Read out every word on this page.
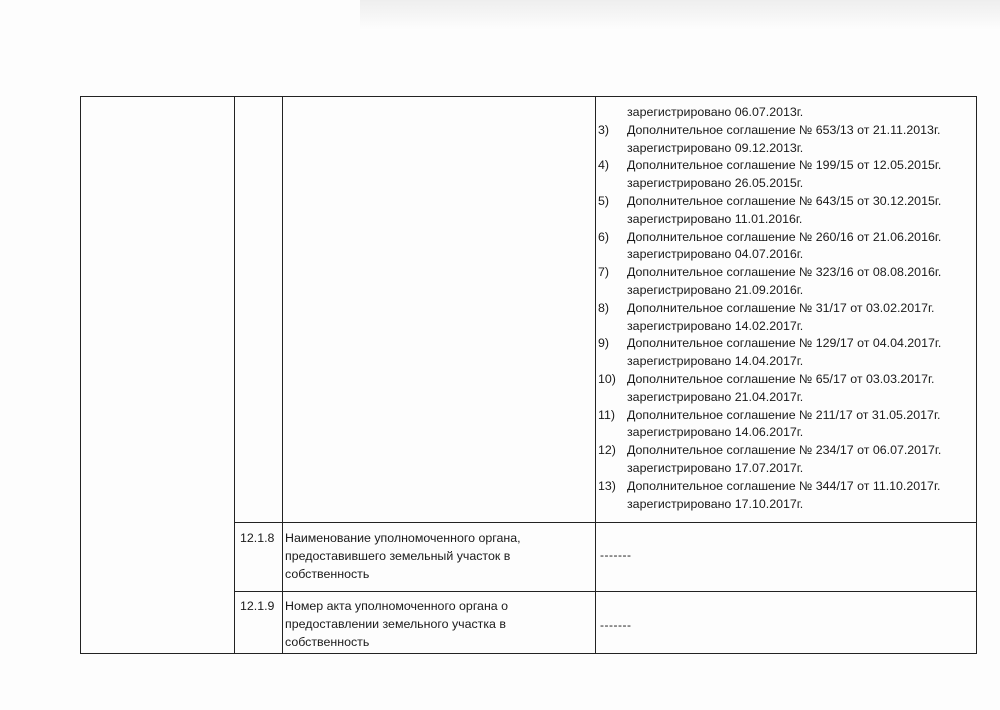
зарегистрировано 06.07.2013г.
3)	Дополнительное соглашение № 653/13 от 21.11.2013г.
зарегистрировано 09.12.2013г.
4)	Дополнительное соглашение № 199/15 от 12.05.2015г.
зарегистрировано 26.05.2015г.
5)	Дополнительное соглашение № 643/15 от 30.12.2015г.
зарегистрировано 11.01.2016г.
6)	Дополнительное соглашение № 260/16 от 21.06.2016г.
зарегистрировано 04.07.2016г.
7)	Дополнительное соглашение № 323/16 от 08.08.2016г.
зарегистрировано 21.09.2016г.
8)	Дополнительное соглашение № 31/17 от 03.02.2017г.
зарегистрировано 14.02.2017г.
9)	Дополнительное соглашение № 129/17 от 04.04.2017г.
зарегистрировано 14.04.2017г.
10) Дополнительное соглашение № 65/17 от 03.03.2017г.
зарегистрировано 21.04.2017г.
11) Дополнительное соглашение № 211/17 от 31.05.2017г.
зарегистрировано 14.06.2017г.
12) Дополнительное соглашение № 234/17 от 06.07.2017г.
зарегистрировано 17.07.2017г.
13) Дополнительное соглашение № 344/17 от 11.10.2017г.
зарегистрировано 17.10.2017г.
12.1.8 Наименование уполномоченного органа,
предоставившего земельный участок в
собственность
-------
12.1.9 Номер акта уполномоченного органа о
предоставлении земельного участка в
собственность
-------
